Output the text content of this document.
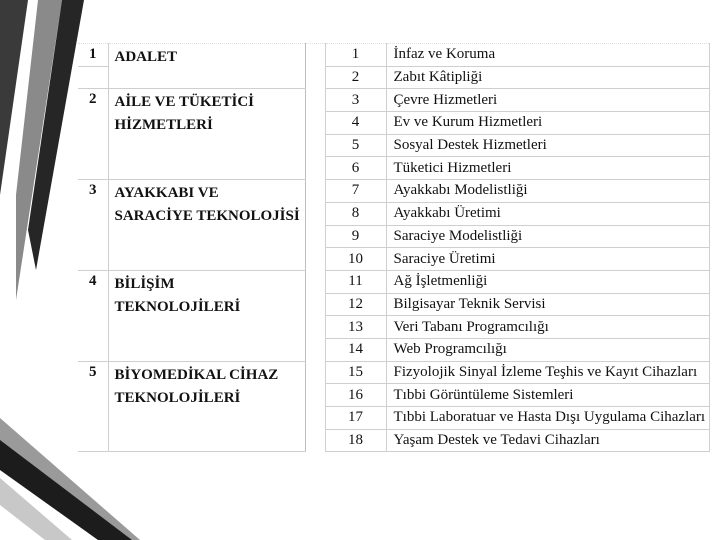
1	ADALET		1	İnfaz ve Koruma
			2	Zabıt Kâtipliği
2	AİLE VE TÜKETİCİ HİZMETLERİ		3	Çevre Hizmetleri
			4	Ev ve Kurum Hizmetleri
			5	Sosyal Destek Hizmetleri
			6	Tüketici Hizmetleri
3	AYAKKABI VE SARACİYE TEKNOLOJİSİ		7	Ayakkabı Modelistliği
			8	Ayakkabı Üretimi
			9	Saraciye Modelistliği
			10	Saraciye Üretimi
4	BİLİŞİM TEKNOLOJİLERİ		11	Ağ İşletmenliği
			12	Bilgisayar Teknik Servisi
			13	Veri Tabanı Programcılığı
			14	Web Programcılığı
5	BİYOMEDİKAL CİHAZ TEKNOLOJİLERİ		15	Fizyolojik Sinyal İzleme Teşhis ve Kayıt Cihazları
			16	Tıbbi Görüntüleme Sistemleri
			17	Tıbbi Laboratuar ve Hasta Dışı Uygulama Cihazları
			18	Yaşam Destek ve Tedavi Cihazları
